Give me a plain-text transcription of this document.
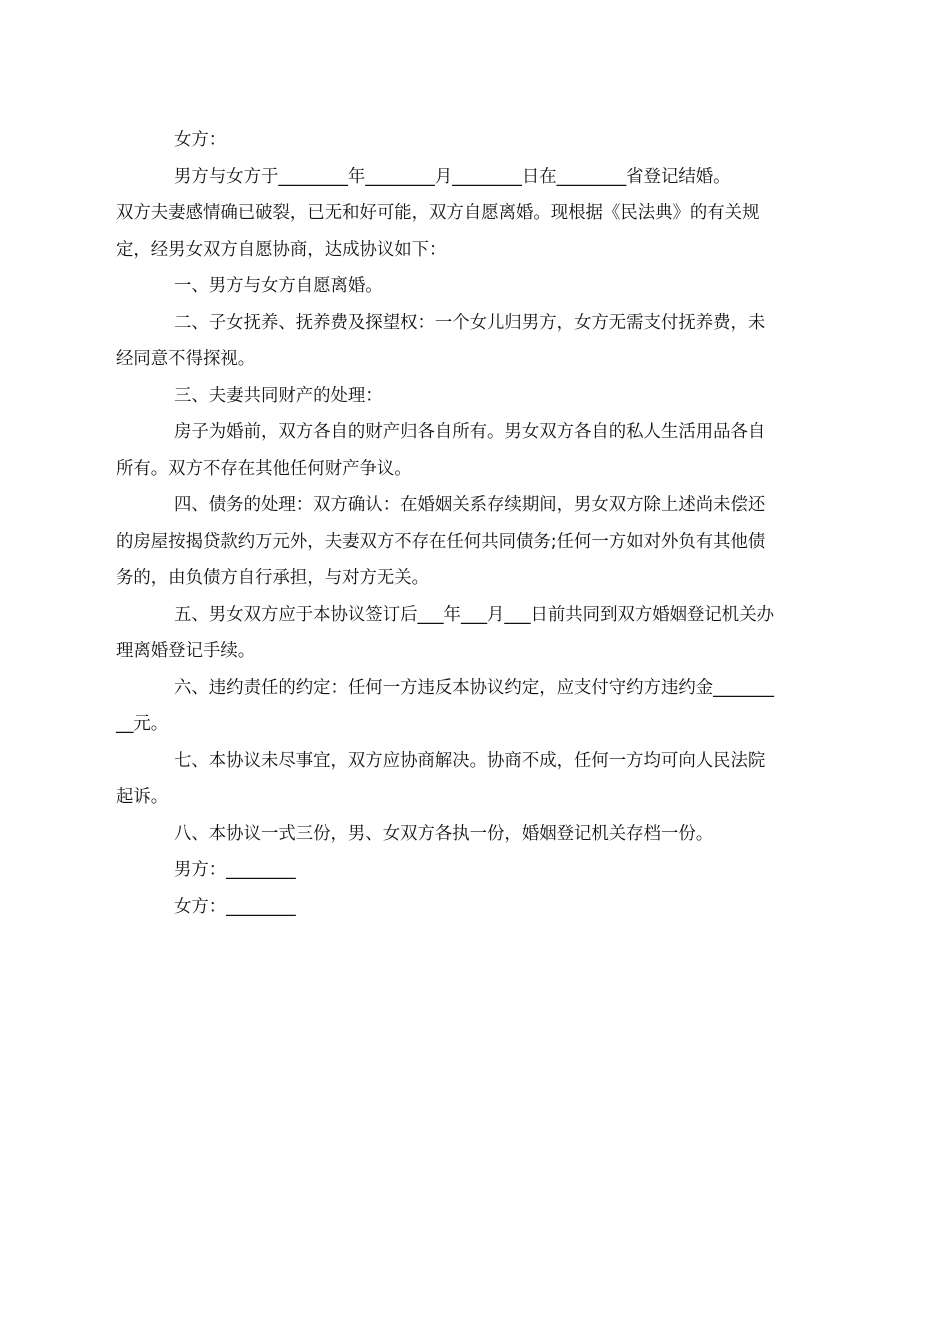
女方：
男方与女方于________年________月________日在________省登记结婚。
双方夫妻感情确已破裂，已无和好可能，双方自愿离婚。现根据《民法典》的有关规
定，经男女双方自愿协商，达成协议如下：
一、男方与女方自愿离婚。
二、子女抚养、抚养费及探望权：一个女儿归男方，女方无需支付抚养费，未
经同意不得探视。
三、夫妻共同财产的处理：
房子为婚前，双方各自的财产归各自所有。男女双方各自的私人生活用品各自
所有。双方不存在其他任何财产争议。
四、债务的处理：双方确认：在婚姻关系存续期间，男女双方除上述尚未偿还
的房屋按揭贷款约万元外，夫妻双方不存在任何共同债务;任何一方如对外负有其他债
务的，由负债方自行承担，与对方无关。
五、男女双方应于本协议签订后___年___月___日前共同到双方婚姻登记机关办
理离婚登记手续。
六、违约责任的约定：任何一方违反本协议约定，应支付守约方违约金_______
__元。
七、本协议未尽事宜，双方应协商解决。协商不成，任何一方均可向人民法院
起诉。
八、本协议一式三份，男、女双方各执一份，婚姻登记机关存档一份。
男方：________
女方：________
